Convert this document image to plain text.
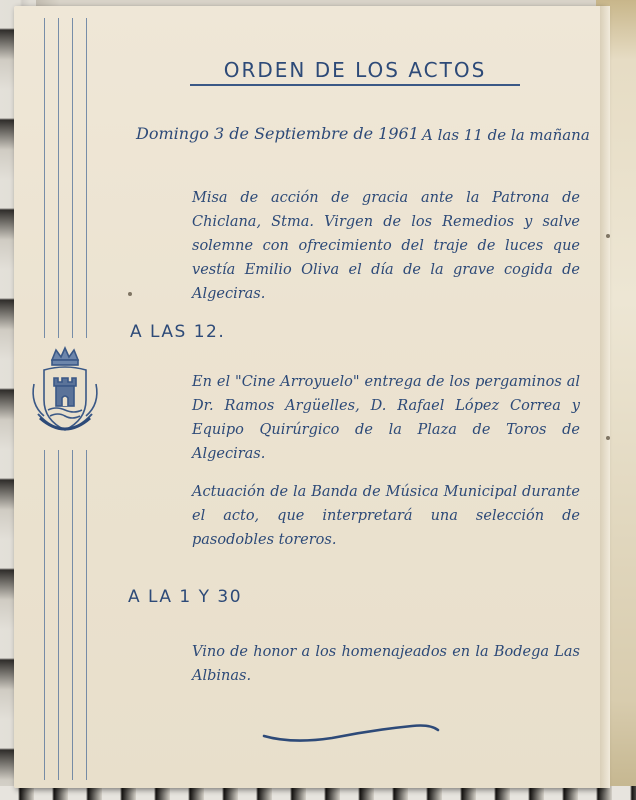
ORDEN DE LOS ACTOS
Domingo 3 de Septiembre de 1961 A las 11 de la mañana
Misa de acción de gracia ante la Patrona de Chiclana, Stma. Virgen de los Remedios y salve solemne con ofrecimiento del traje de luces que vestía Emilio Oliva el día de la grave cogida de Algeciras.
A LAS 12.
En el "Cine Arroyuelo" entrega de los pergaminos al Dr. Ramos Argüelles, D. Rafael López Correa y Equipo Quirúrgico de la Plaza de Toros de Algeciras.
Actuación de la Banda de Música Municipal durante el acto, que interpretará una selección de pasodobles toreros.
A LA 1 Y 30
Vino de honor a los homenajeados en la Bodega Las Albinas.
